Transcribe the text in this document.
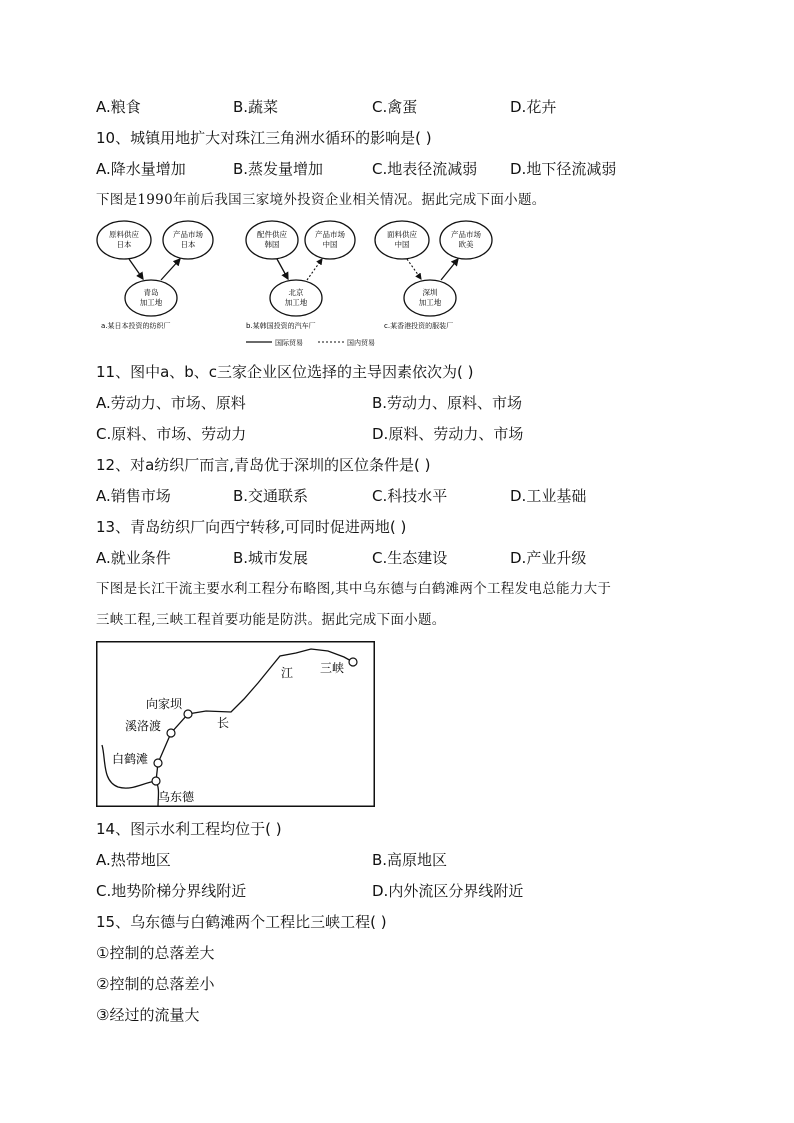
A.粮食	B.蔬菜	C.禽蛋	D.花卉
10、城镇用地扩大对珠江三角洲水循环的影响是( )
A.降水量增加	B.蒸发量增加	C.地表径流减弱 D.地下径流减弱
下图是1990年前后我国三家境外投资企业相关情况。据此完成下面小题。
原料供应
日本
产品市场
日本
青岛
加工地
a.某日本投资的纺织厂
配件供应
韩国
产品市场
中国
北京
加工地
b.某韩国投资的汽车厂
面料供应
中国
产品市场
欧美
深圳
加工地
c.某香港投资的服装厂
国际贸易	国内贸易
11、图中a、b、c三家企业区位选择的主导因素依次为( )
A.劳动力、市场、原料	B.劳动力、原料、市场
C.原料、市场、劳动力	D.原料、劳动力、市场
12、对a纺织厂而言,青岛优于深圳的区位条件是( )
A.销售市场	B.交通联系	C.科技水平	D.工业基础
13、青岛纺织厂向西宁转移,可同时促进两地( )
A.就业条件	B.城市发展	C.生态建设	D.产业升级
下图是长江干流主要水利工程分布略图,其中乌东德与白鹤滩两个工程发电总能力大于
三峡工程,三峡工程首要功能是防洪。据此完成下面小题。
江
长
三峡
向家坝
溪洛渡
白鹤滩
乌东德
14、图示水利工程均位于( )
A.热带地区	B.高原地区
C.地势阶梯分界线附近	D.内外流区分界线附近
15、乌东德与白鹤滩两个工程比三峡工程( )
①控制的总落差大
②控制的总落差小
③经过的流量大
